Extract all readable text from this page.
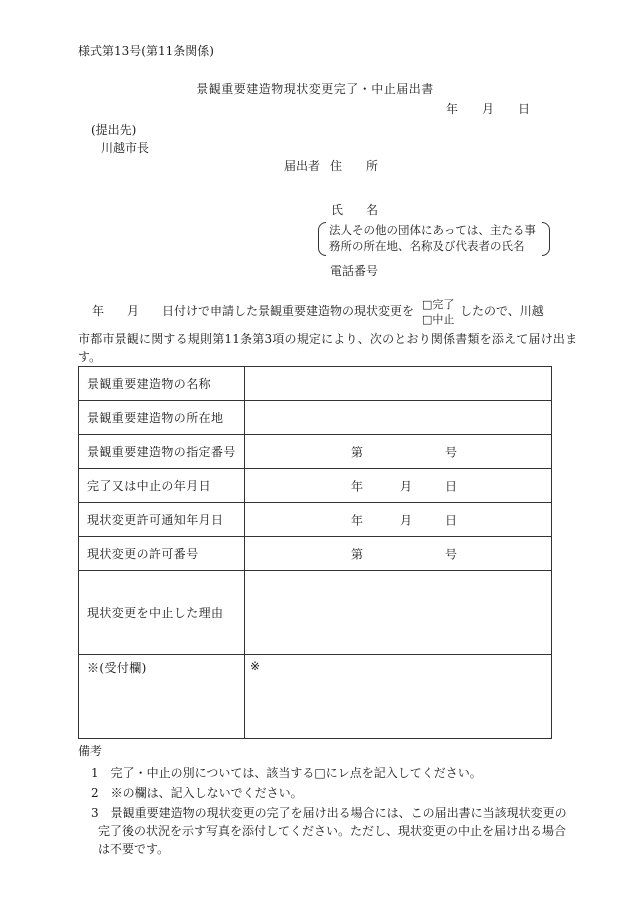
様式第13号(第11条関係)
景観重要建造物現状変更完了・中止届出書
年 月 日
(提出先)
川越市長
届出者 住 所
氏 名
法人その他の団体にあっては、主たる事
務所の所在地、名称及び代表者の氏名
電話番号
年 月 日付けで申請した景観重要建造物の現状変更を □完了
□中止
したので、川越
市都市景観に関する規則第11条第3項の規定により、次のとおり関係書類を添えて届け出ま
す。
景観重要建造物の名称	
景観重要建造物の所在地	
景観重要建造物の指定番号	第 号

完了又は中止の年月日	年 月 日

現状変更許可通知年月日	年 月 日

現状変更の許可番号	第 号

現状変更を中止した理由	
※(受付欄)	※
備考
1　完了・中止の別については、該当する□にレ点を記入してください。
2　※の欄は、記入しないでください。
3　景観重要建造物の現状変更の完了を届け出る場合には、この届出書に当該現状変更の
完了後の状況を示す写真を添付してください。ただし、現状変更の中止を届け出る場合
は不要です。
